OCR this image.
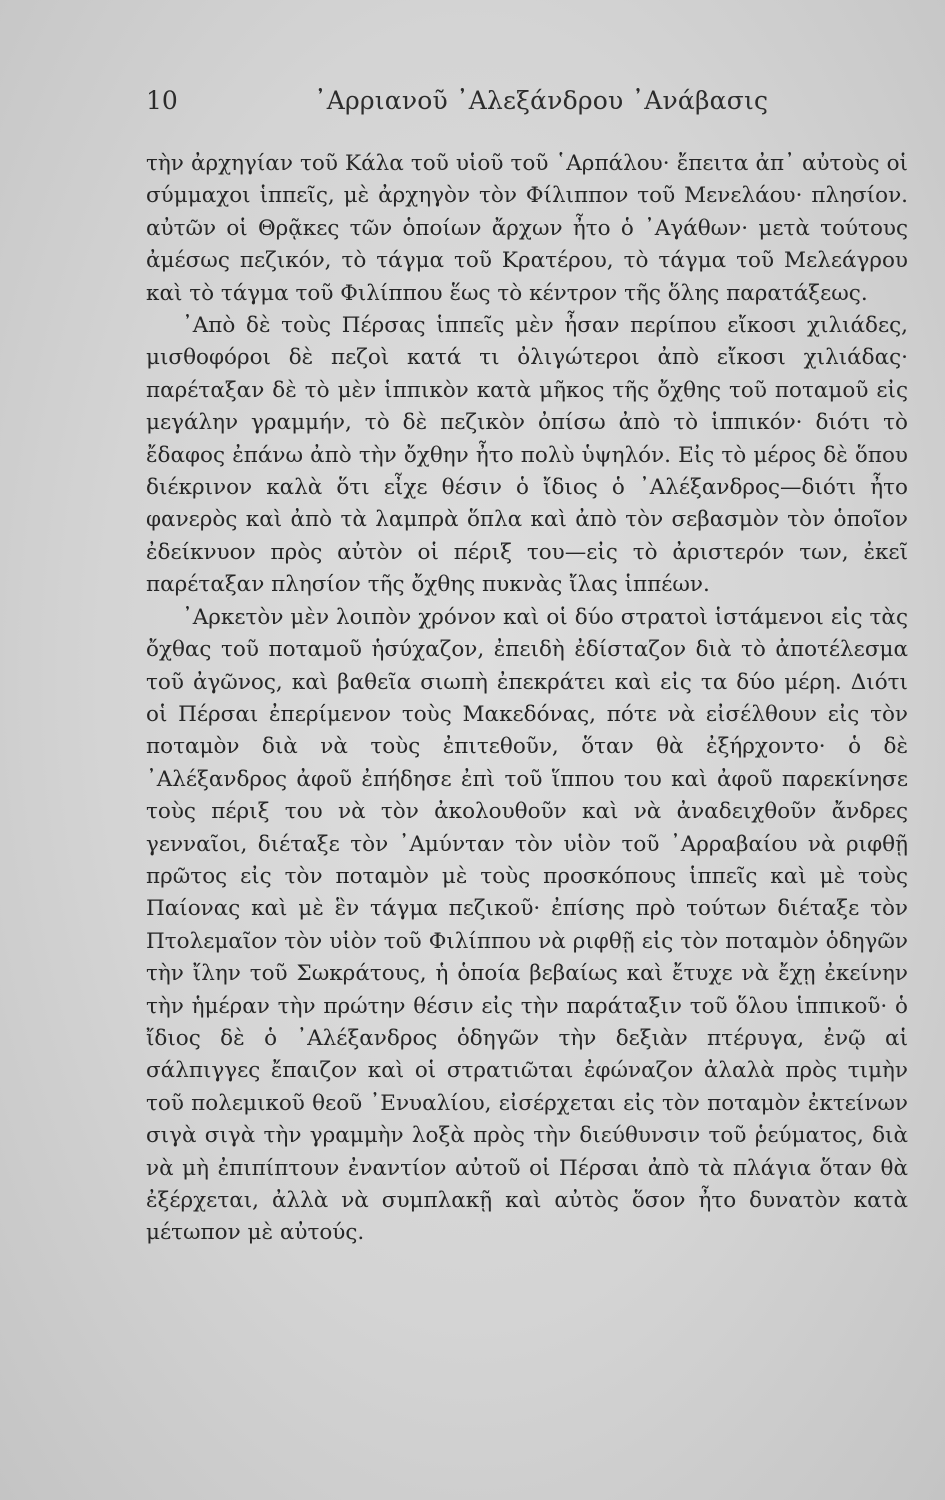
10	᾽Αρριανοῦ ᾽Αλεξάνδρου ᾽Ανάβασις

τὴν ἀρχηγίαν τοῦ Κάλα τοῦ υἱοῦ τοῦ ῾Αρπάλου· ἔπειτα ἀπ᾽ αὐτοὺς οἱ σύμμαχοι ἱππεῖς, μὲ ἀρχηγὸν τὸν Φίλιππον τοῦ Μενελάου· πλησίον. αὐτῶν οἱ Θρᾷκες τῶν ὁποίων ἄρχων ἦτο ὁ ᾽Αγάθων· μετὰ τούτους ἀμέσως πεζικόν, τὸ τάγμα τοῦ Κρατέρου, τὸ τάγμα τοῦ Μελεάγρου καὶ τὸ τάγμα τοῦ Φιλίππου ἕως τὸ κέντρον τῆς ὅλης παρατάξεως.

᾽Απὸ δὲ τοὺς Πέρσας ἱππεῖς μὲν ἦσαν περίπου εἴκοσι χιλιάδες, μισθοφόροι δὲ πεζοὶ κατά τι ὀλιγώτεροι ἀπὸ εἴκοσι χιλιάδας· παρέταξαν δὲ τὸ μὲν ἱππικὸν κατὰ μῆκος τῆς ὄχθης τοῦ ποταμοῦ εἰς μεγάλην γραμμήν, τὸ δὲ πεζικὸν ὀπίσω ἀπὸ τὸ ἱππικόν· διότι τὸ ἔδαφος ἐπάνω ἀπὸ τὴν ὄχθην ἦτο πολὺ ὑψηλόν. Εἰς τὸ μέρος δὲ ὅπου διέκρινον καλὰ ὅτι εἶχε θέσιν ὁ ἴδιος ὁ ᾽Αλέξανδρος—διότι ἦτο φανερὸς καὶ ἀπὸ τὰ λαμπρὰ ὅπλα καὶ ἀπὸ τὸν σεβασμὸν τὸν ὁποῖον ἐδείκνυον πρὸς αὐτὸν οἱ πέριξ του—εἰς τὸ ἀριστερόν των, ἐκεῖ παρέταξαν πλησίον τῆς ὄχθης πυκνὰς ἴλας ἱππέων.

᾽Αρκετὸν μὲν λοιπὸν χρόνον καὶ οἱ δύο στρατοὶ ἱστάμενοι εἰς τὰς ὄχθας τοῦ ποταμοῦ ἡσύχαζον, ἐπειδὴ ἐδίσταζον διὰ τὸ ἀποτέλεσμα τοῦ ἀγῶνος, καὶ βαθεῖα σιωπὴ ἐπεκράτει καὶ εἰς τα δύο μέρη. Διότι οἱ Πέρσαι ἐπερίμενον τοὺς Μακεδόνας, πότε νὰ εἰσέλθουν εἰς τὸν ποταμὸν διὰ νὰ τοὺς ἐπιτεθοῦν, ὅταν θὰ ἐξήρχοντο· ὁ δὲ ᾽Αλέξανδρος ἀφοῦ ἐπήδησε ἐπὶ τοῦ ἵππου του καὶ ἀφοῦ παρεκίνησε τοὺς πέριξ του νὰ τὸν ἀκολουθοῦν καὶ νὰ ἀναδειχθοῦν ἄνδρες γενναῖοι, διέταξε τὸν ᾽Αμύνταν τὸν υἱὸν τοῦ ᾽Αρραβαίου νὰ ριφθῇ πρῶτος εἰς τὸν ποταμὸν μὲ τοὺς προσκόπους ἱππεῖς καὶ μὲ τοὺς Παίονας καὶ μὲ ἓν τάγμα πεζικοῦ· ἐπίσης πρὸ τούτων διέταξε τὸν Πτολεμαῖον τὸν υἱὸν τοῦ Φιλίππου νὰ ριφθῇ εἰς τὸν ποταμὸν ὁδηγῶν τὴν ἴλην τοῦ Σωκράτους, ἡ ὁποία βεβαίως καὶ ἔτυχε νὰ ἔχῃ ἐκείνην τὴν ἡμέραν τὴν πρώτην θέσιν εἰς τὴν παράταξιν τοῦ ὅλου ἱππικοῦ· ὁ ἴδιος δὲ ὁ ᾽Αλέξανδρος ὁδηγῶν τὴν δεξιὰν πτέρυγα, ἐνῷ αἱ σάλπιγγες ἔπαιζον καὶ οἱ στρατιῶται ἐφώναζον ἀλαλὰ πρὸς τιμὴν τοῦ πολεμικοῦ θεοῦ ᾽Ενυαλίου, εἰσέρχεται εἰς τὸν ποταμὸν ἐκτείνων σιγὰ σιγὰ τὴν γραμμὴν λοξὰ πρὸς τὴν διεύθυνσιν τοῦ ῥεύματος, διὰ νὰ μὴ ἐπιπίπτουν ἐναντίον αὐτοῦ οἱ Πέρσαι ἀπὸ τὰ πλάγια ὅταν θὰ ἐξέρχεται, ἀλλὰ νὰ συμπλακῇ καὶ αὐτὸς ὅσον ἦτο δυνατὸν κατὰ μέτωπον μὲ αὐτούς.
